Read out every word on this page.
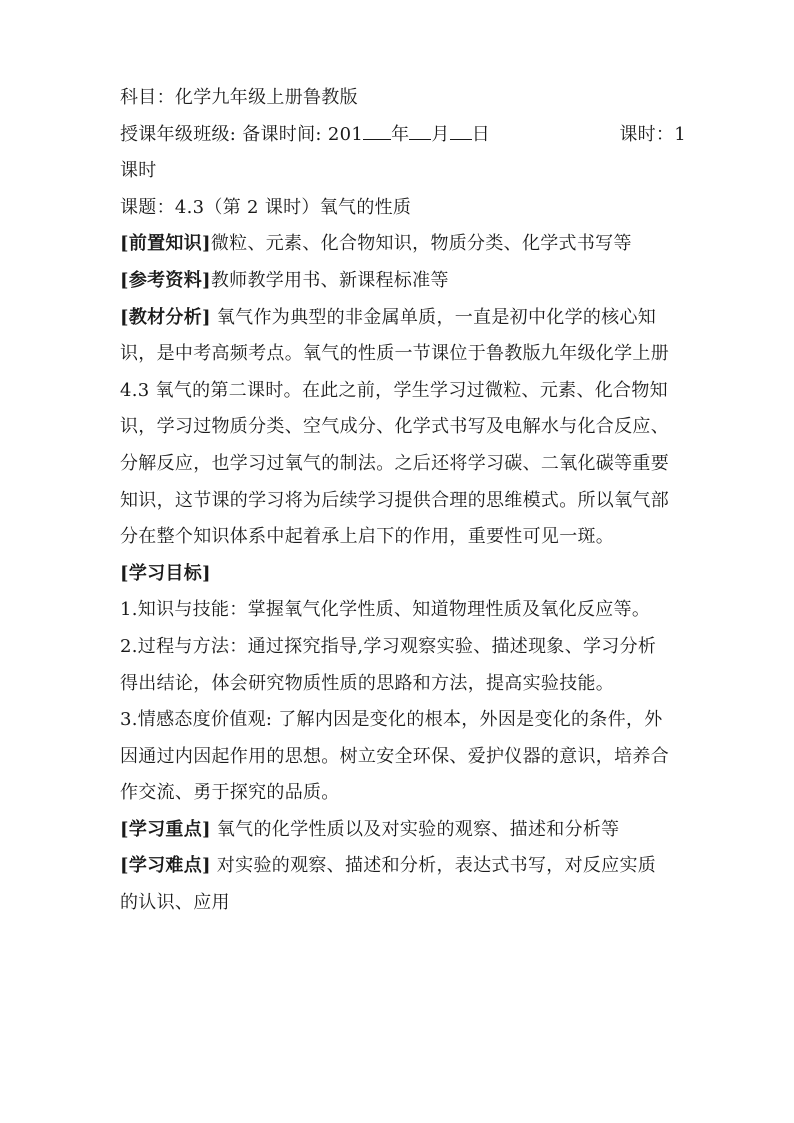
科目：化学九年级上册鲁教版
授课年级班级: 备课时间: 201 年 月 日	课时：1
课时
课题：4.3（第 2 课时）氧气的性质
[前置知识]微粒、元素、化合物知识，物质分类、化学式书写等
[参考资料]教师教学用书、新课程标准等
[教材分析] 氧气作为典型的非金属单质，一直是初中化学的核心知
识，是中考高频考点。氧气的性质一节课位于鲁教版九年级化学上册
4.3 氧气的第二课时。在此之前，学生学习过微粒、元素、化合物知
识，学习过物质分类、空气成分、化学式书写及电解水与化合反应、
分解反应，也学习过氧气的制法。之后还将学习碳、二氧化碳等重要
知识，这节课的学习将为后续学习提供合理的思维模式。所以氧气部
分在整个知识体系中起着承上启下的作用，重要性可见一斑。
[学习目标]
1.知识与技能：掌握氧气化学性质、知道物理性质及氧化反应等。
2.过程与方法：通过探究指导,学习观察实验、描述现象、学习分析
得出结论，体会研究物质性质的思路和方法，提高实验技能。
3.情感态度价值观: 了解内因是变化的根本，外因是变化的条件，外
因通过内因起作用的思想。树立安全环保、爱护仪器的意识，培养合
作交流、勇于探究的品质。
[学习重点] 氧气的化学性质以及对实验的观察、描述和分析等
[学习难点] 对实验的观察、描述和分析，表达式书写，对反应实质
的认识、应用
